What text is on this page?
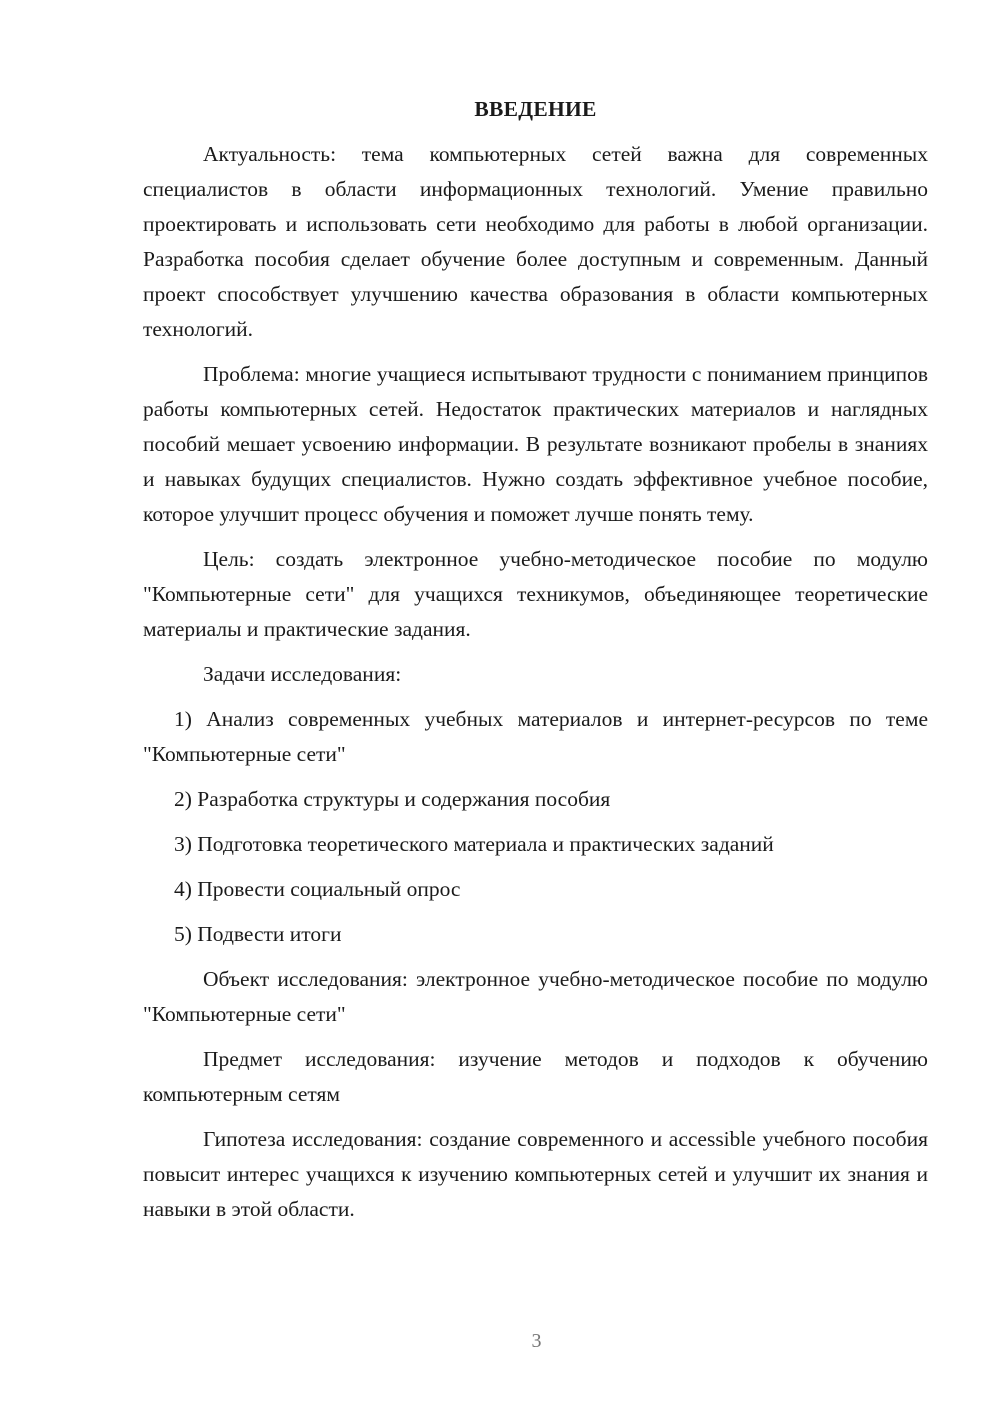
ВВЕДЕНИЕ

Актуальность: тема компьютерных сетей важна для современных специалистов в области информационных технологий. Умение правильно проектировать и использовать сети необходимо для работы в любой организации. Разработка пособия сделает обучение более доступным и современным. Данный проект способствует улучшению качества образования в области компьютерных технологий.

Проблема: многие учащиеся испытывают трудности с пониманием принципов работы компьютерных сетей. Недостаток практических материалов и наглядных пособий мешает усвоению информации. В результате возникают пробелы в знаниях и навыках будущих специалистов. Нужно создать эффективное учебное пособие, которое улучшит процесс обучения и поможет лучше понять тему.

Цель: создать электронное учебно-методическое пособие по модулю "Компьютерные сети" для учащихся техникумов, объединяющее теоретические материалы и практические задания.

Задачи исследования:

1) Анализ современных учебных материалов и интернет-ресурсов по теме "Компьютерные сети"

2) Разработка структуры и содержания пособия

3) Подготовка теоретического материала и практических заданий

4) Провести социальный опрос

5) Подвести итоги

Объект исследования: электронное учебно-методическое пособие по модулю "Компьютерные сети"

Предмет исследования: изучение методов и подходов к обучению компьютерным сетям

Гипотеза исследования: создание современного и accessible учебного пособия повысит интерес учащихся к изучению компьютерных сетей и улучшит их знания и навыки в этой области.

3
